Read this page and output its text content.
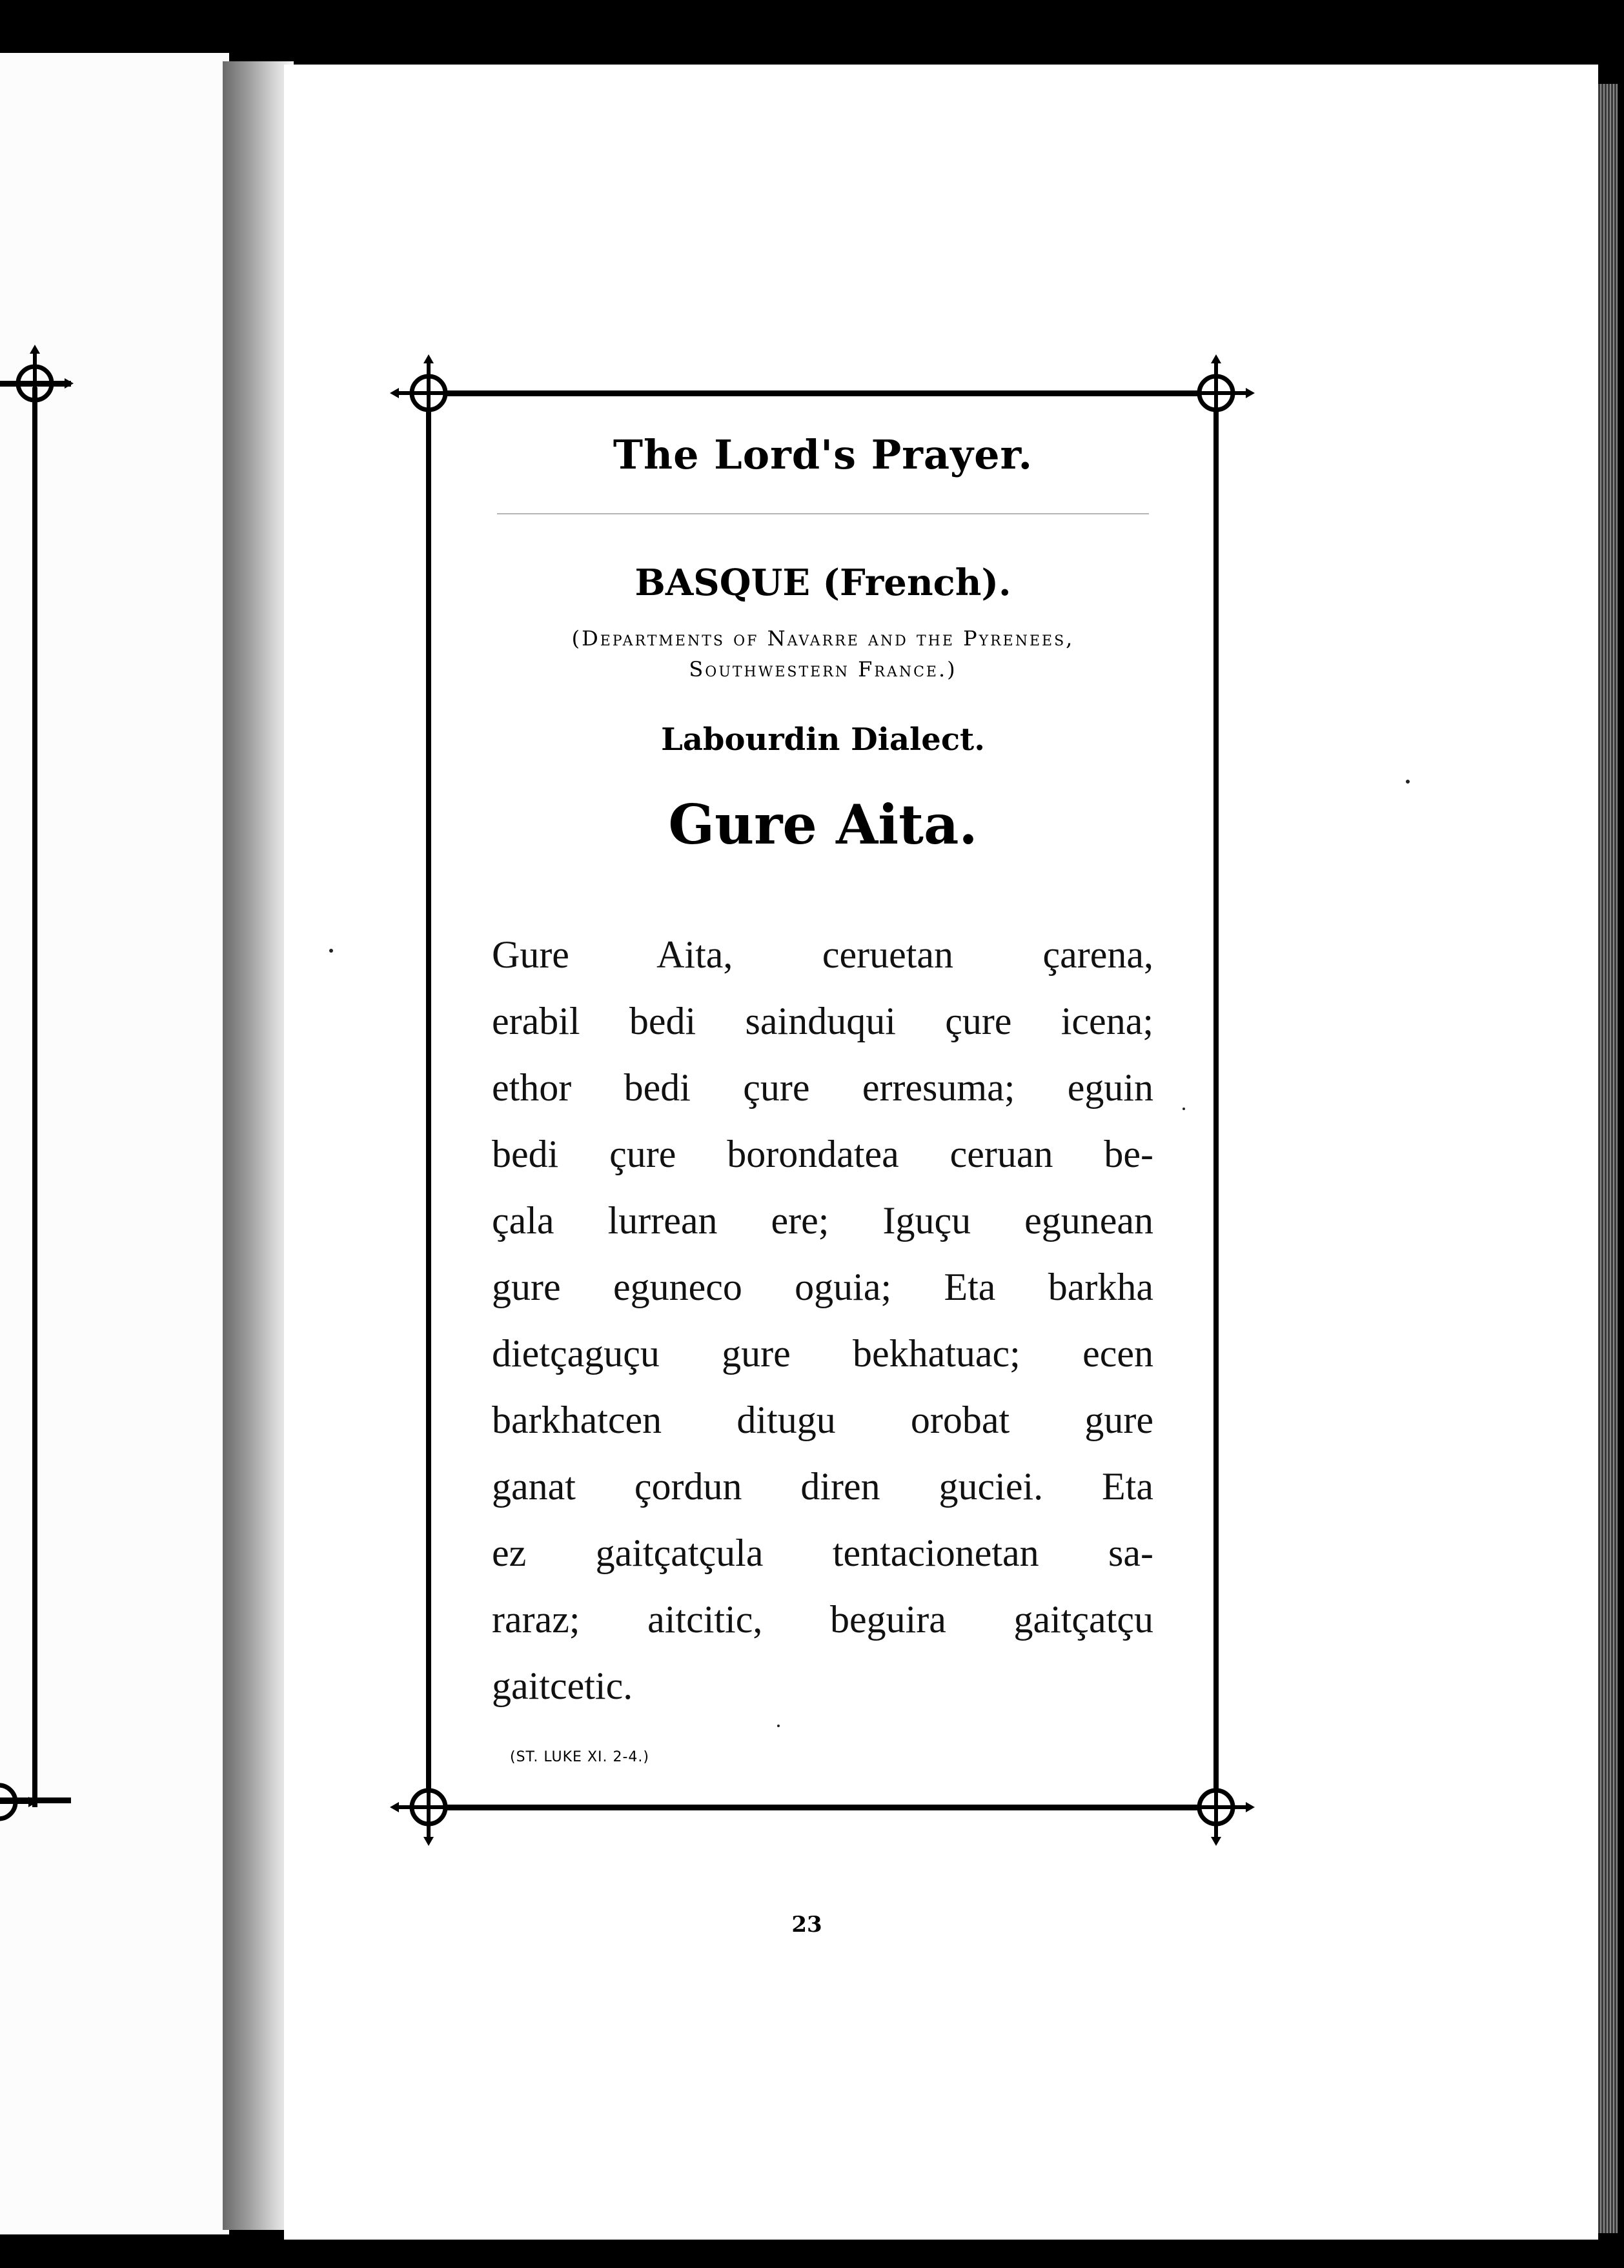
The Lord's Prayer.
BASQUE (French).
(Departments of Navarre and the Pyrenees,
Southwestern France.)
Labourdin Dialect.
Gure Aita.
Gure Aita, ceruetan çarena,
erabil bedi sainduqui çure icena;
ethor bedi çure erresuma; eguin
bedi çure borondatea ceruan be-
çala lurrean ere; Iguçu egunean
gure eguneco oguia; Eta barkha
dietçaguçu gure bekhatuac; ecen
barkhatcen ditugu orobat gure
ganat çordun diren guciei. Eta
ez gaitçatçula tentacionetan sa-
raraz; aitcitic, beguira gaitçatçu
gaitcetic.
(ST. LUKE XI. 2-4.)
23
